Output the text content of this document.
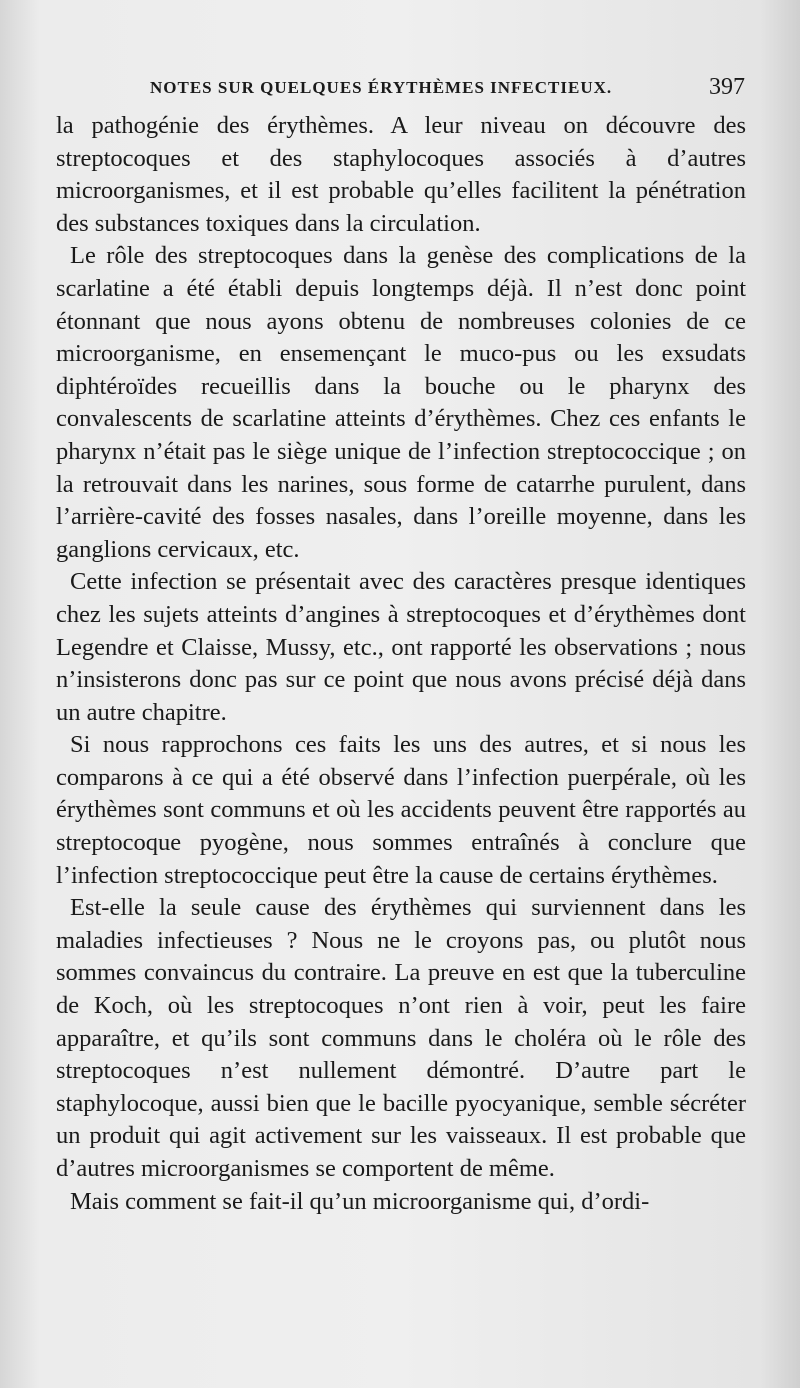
NOTES SUR QUELQUES ÉRYTHÈMES INFECTIEUX.	397

la pathogénie des érythèmes. A leur niveau on découvre des streptocoques et des staphylocoques associés à d’autres microorganismes, et il est probable qu’elles facilitent la pénétration des substances toxiques dans la circulation.

Le rôle des streptocoques dans la genèse des complications de la scarlatine a été établi depuis longtemps déjà. Il n’est donc point étonnant que nous ayons obtenu de nombreuses colonies de ce microorganisme, en ensemençant le muco-pus ou les exsudats diphtéroïdes recueillis dans la bouche ou le pharynx des convalescents de scarlatine atteints d’érythèmes. Chez ces enfants le pharynx n’était pas le siège unique de l’infection streptococcique ; on la retrouvait dans les narines, sous forme de catarrhe purulent, dans l’arrière-cavité des fosses nasales, dans l’oreille moyenne, dans les ganglions cervicaux, etc.

Cette infection se présentait avec des caractères presque identiques chez les sujets atteints d’angines à streptocoques et d’érythèmes dont Legendre et Claisse, Mussy, etc., ont rapporté les observations ; nous n’insisterons donc pas sur ce point que nous avons précisé déjà dans un autre chapitre.

Si nous rapprochons ces faits les uns des autres, et si nous les comparons à ce qui a été observé dans l’infection puerpérale, où les érythèmes sont communs et où les accidents peuvent être rapportés au streptocoque pyogène, nous sommes entraînés à conclure que l’infection streptococcique peut être la cause de certains érythèmes.

Est-elle la seule cause des érythèmes qui surviennent dans les maladies infectieuses ? Nous ne le croyons pas, ou plutôt nous sommes convaincus du contraire. La preuve en est que la tuberculine de Koch, où les streptocoques n’ont rien à voir, peut les faire apparaître, et qu’ils sont communs dans le choléra où le rôle des streptocoques n’est nullement démontré. D’autre part le staphylocoque, aussi bien que le bacille pyocyanique, semble sécréter un produit qui agit activement sur les vaisseaux. Il est probable que d’autres microorganismes se comportent de même.

Mais comment se fait-il qu’un microorganisme qui, d’ordi-
